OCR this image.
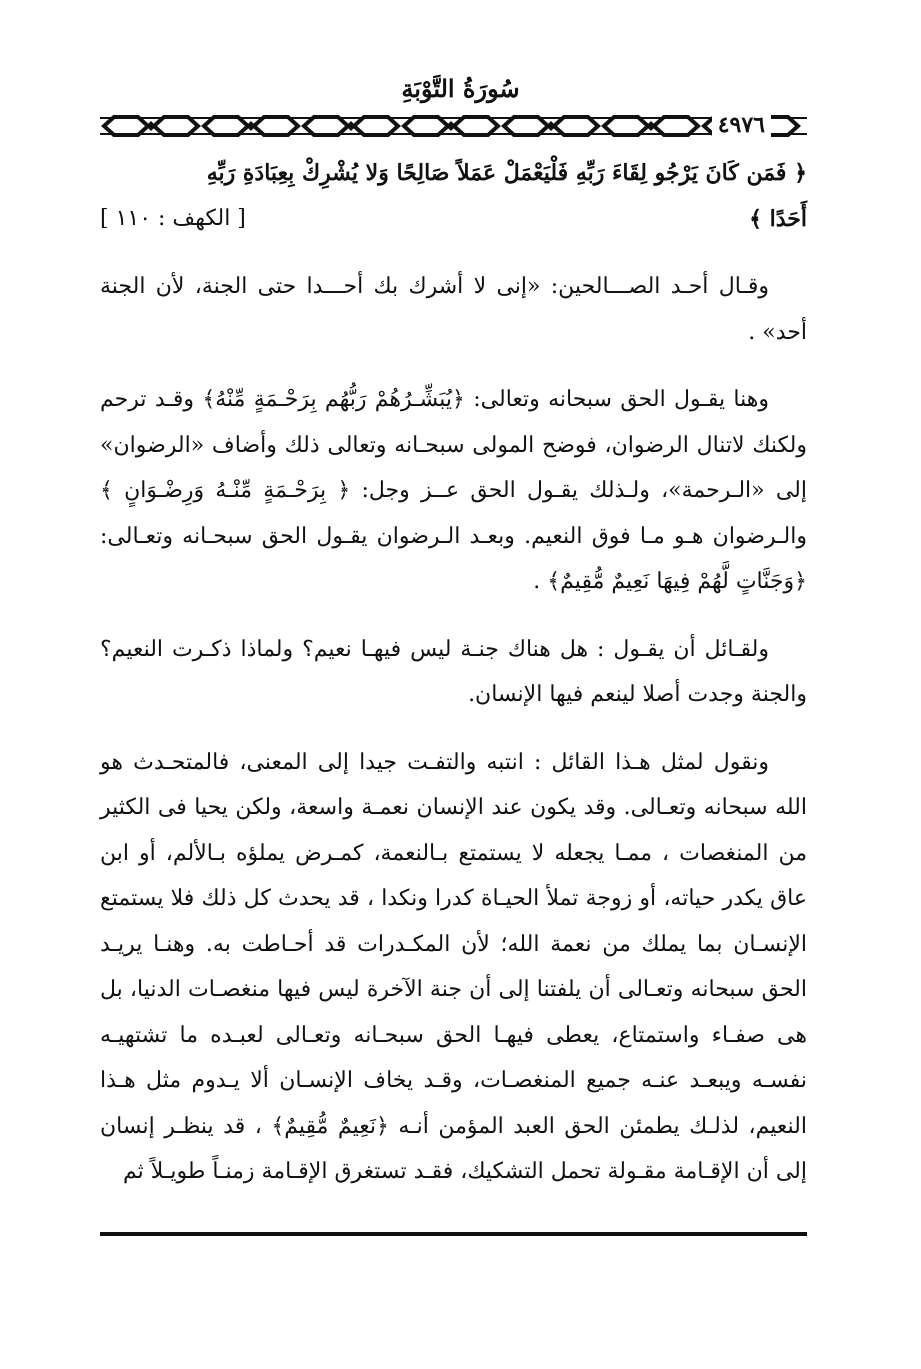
سُورَةُ التَّوْبَةِ
٤٩٧٦
﴿ فَمَن كَانَ يَرْجُو لِقَاءَ رَبِّهِ فَلْيَعْمَلْ عَمَلاً صَالِحًا وَلا يُشْرِكْ بِعِبَادَةِ رَبِّهِ
أَحَدًا ﴾
[ الكهف : ١١٠ ]

وقـال أحـد الصـــالحين: «إنى لا أشرك بك أحـــدا حتى الجنة، لأن الجنة أحد» .

وهنا يقـول الحق سبحانه وتعالى: ﴿يُبَشِّـرُهُمْ رَبُّهُم بِرَحْـمَةٍ مِّنْهُ﴾ وقـد ترحم ولكنك لاتنال الرضوان، فوضح المولى سبحـانه وتعالى ذلك وأضاف «الرضوان» إلى «الـرحمة»، ولـذلك يقـول الحق عــز وجل: ﴿ بِرَحْـمَةٍ مِّنْـهُ وَرِضْـوَانٍ ﴾ والـرضوان هـو مـا فوق النعيم. وبعـد الـرضوان يقـول الحق سبحـانه وتعـالى: ﴿وَجَنَّاتٍ لَّهُمْ فِيهَا نَعِيمٌ مُّقِيمٌ﴾ .

ولقـائل أن يقـول : هل هناك جنـة ليس فيهـا نعيم؟ ولماذا ذكـرت النعيم؟ والجنة وجدت أصلا لينعم فيها الإنسان.

ونقول لمثل هـذا القائل : انتبه والتفـت جيدا إلى المعنى، فالمتحـدث هو الله سبحانه وتعـالى. وقد يكون عند الإنسان نعمـة واسعة، ولكن يحيا فى الكثير من المنغصات ، ممـا يجعله لا يستمتع بـالنعمة، كمـرض يملؤه بـالألم، أو ابن عاق يكدر حياته، أو زوجة تملأ الحيـاة كدرا ونكدا ، قد يحدث كل ذلك فلا يستمتع الإنسـان بما يملك من نعمة الله؛ لأن المكـدرات قد أحـاطت به. وهنـا يريـد الحق سبحانه وتعـالى أن يلفتنا إلى أن جنة الآخرة ليس فيها منغصـات الدنيا، بل هى صفـاء واستمتاع، يعطى فيهـا الحق سبحـانه وتعـالى لعبـده ما تشتهيـه نفسـه ويبعـد عنـه جميع المنغصـات، وقـد يخاف الإنسـان ألا يـدوم مثل هـذا النعيم، لذلـك يطمئن الحق العبد المؤمن أنـه ﴿نَعِيمٌ مُّقِيمٌ﴾ ، قد ينظـر إنسان إلى أن الإقـامة مقـولة تحمل التشكيك، فقـد تستغرق الإقـامة زمنـاً طويـلاً ثم
